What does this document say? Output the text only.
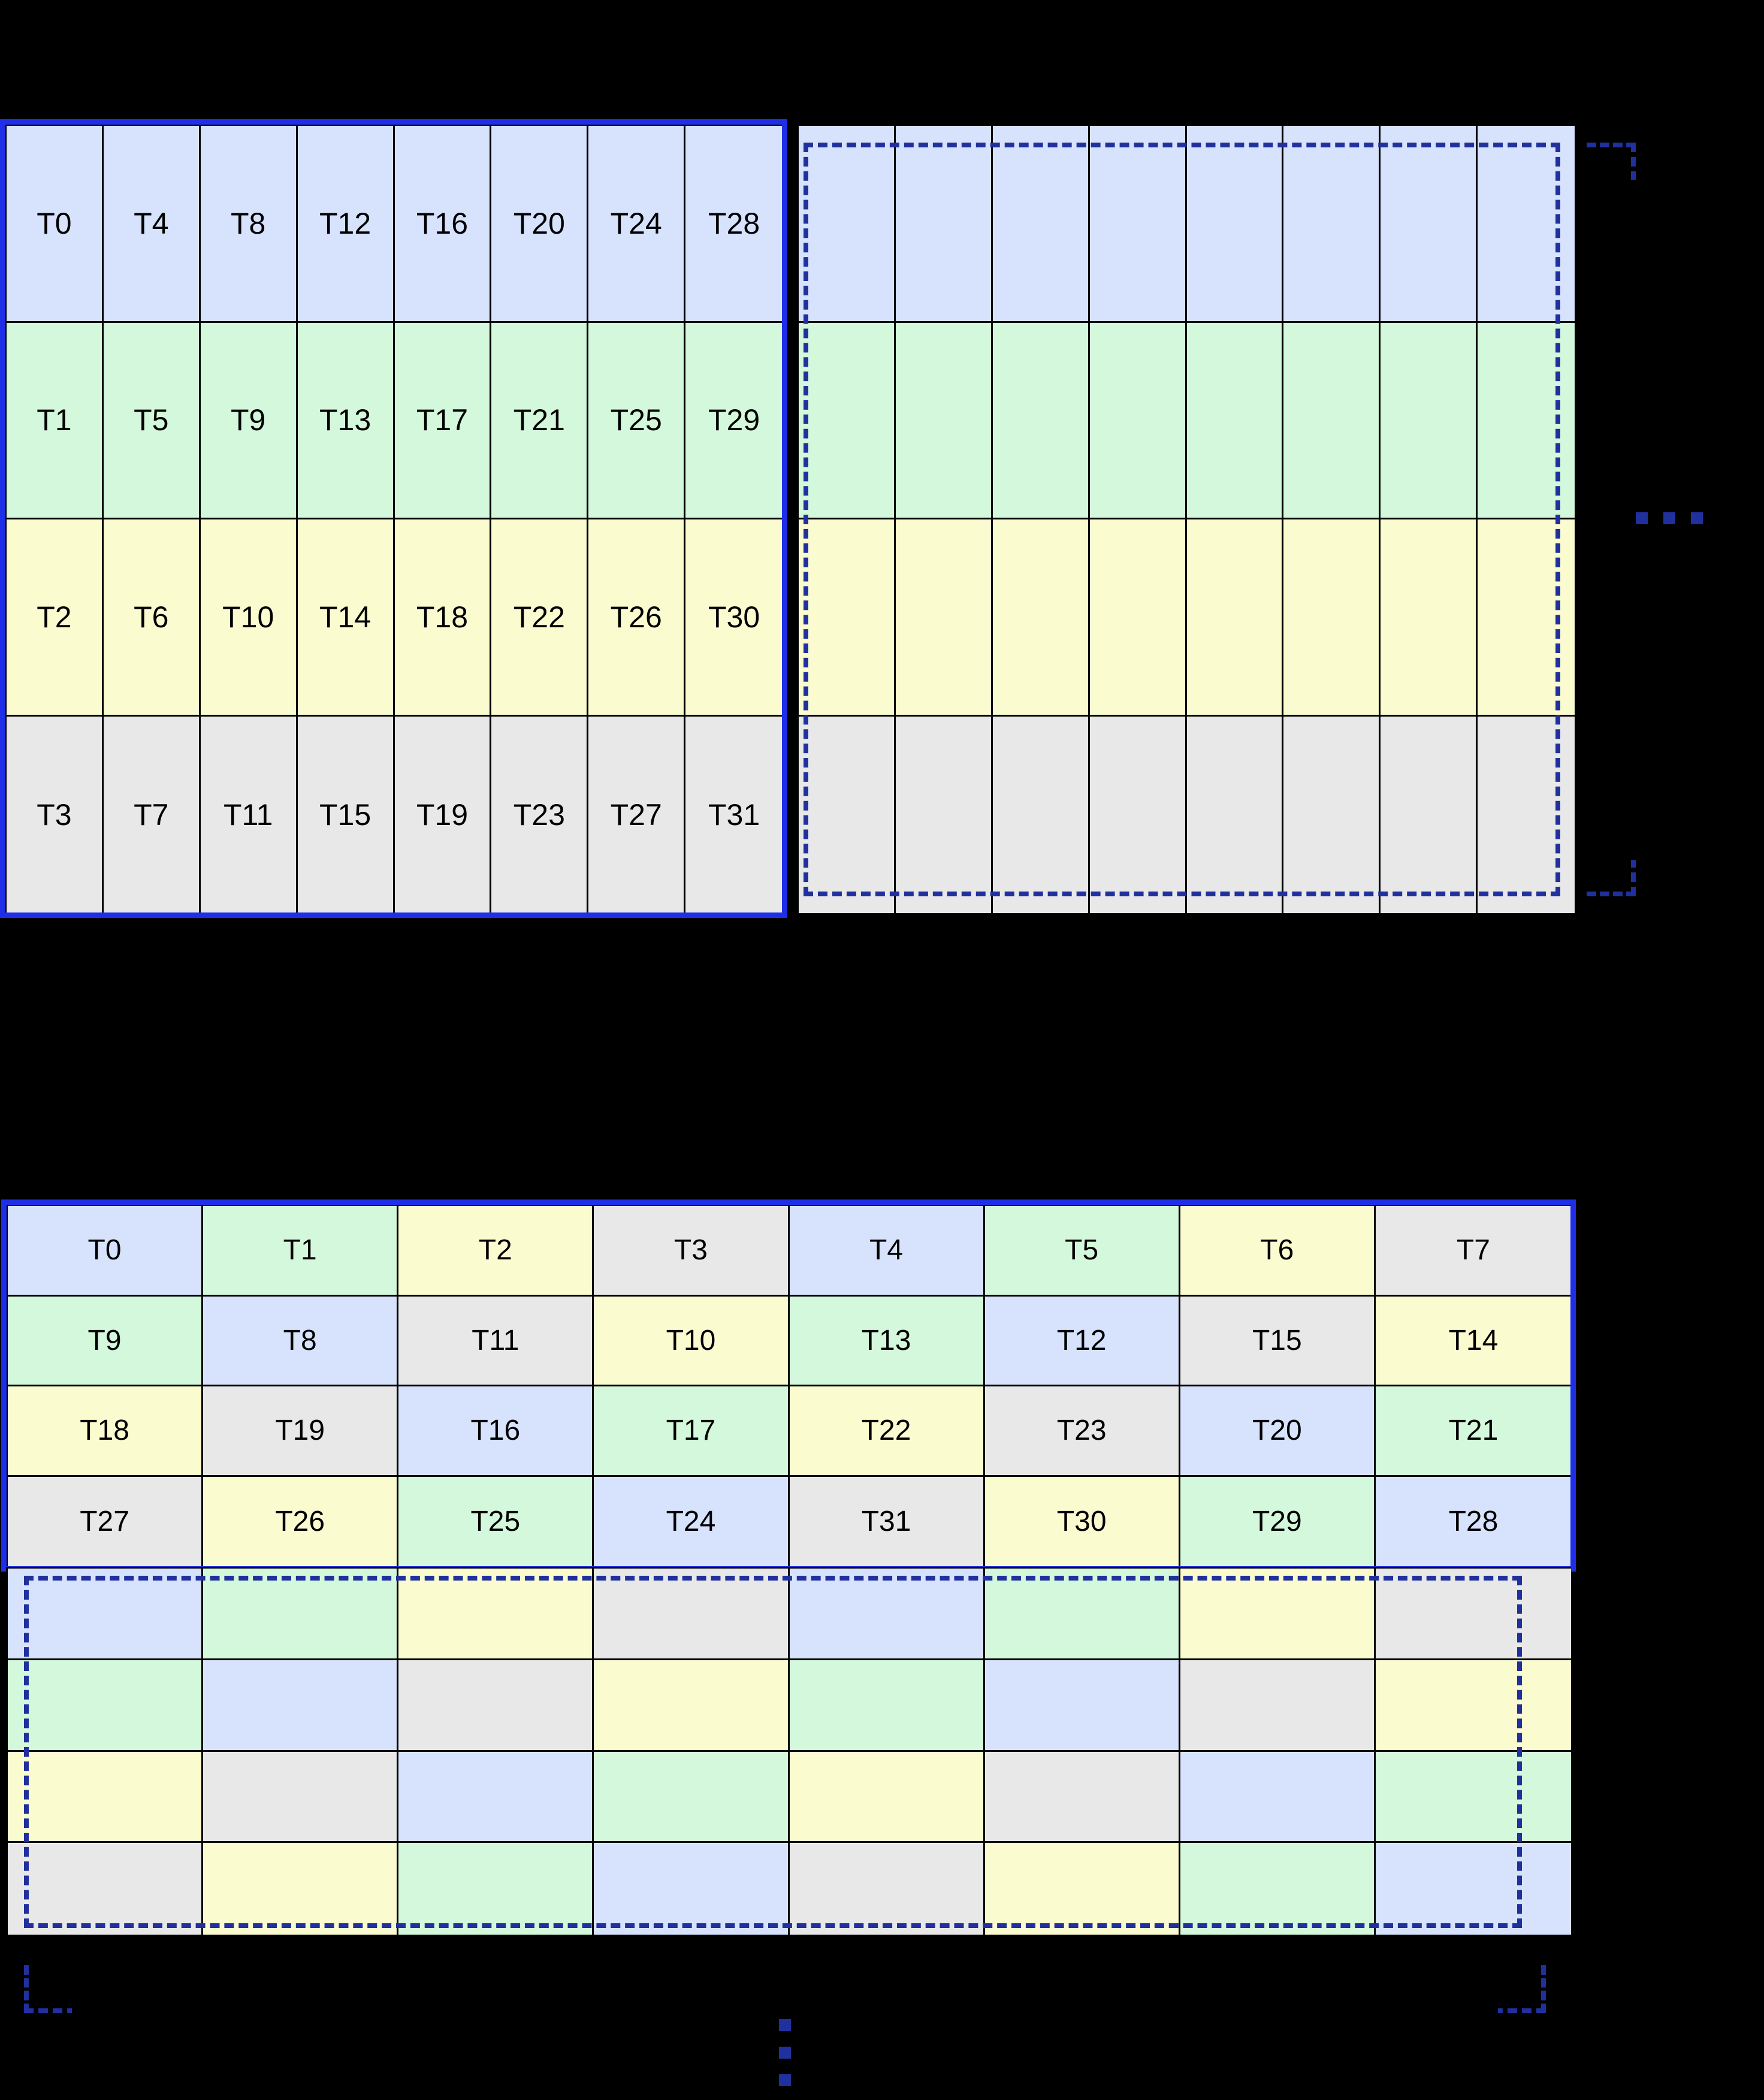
T0	T4	T8	T12	T16	T20	T24	T28
T1	T5	T9	T13	T17	T21	T25	T29
T2	T6	T10	T14	T18	T22	T26	T30
T3	T7	T11	T15	T19	T23	T27	T31
T0	T1	T2	T3	T4	T5	T6	T7
T9	T8	T11	T10	T13	T12	T15	T14
T18	T19	T16	T17	T22	T23	T20	T21
T27	T26	T25	T24	T31	T30	T29	T28
